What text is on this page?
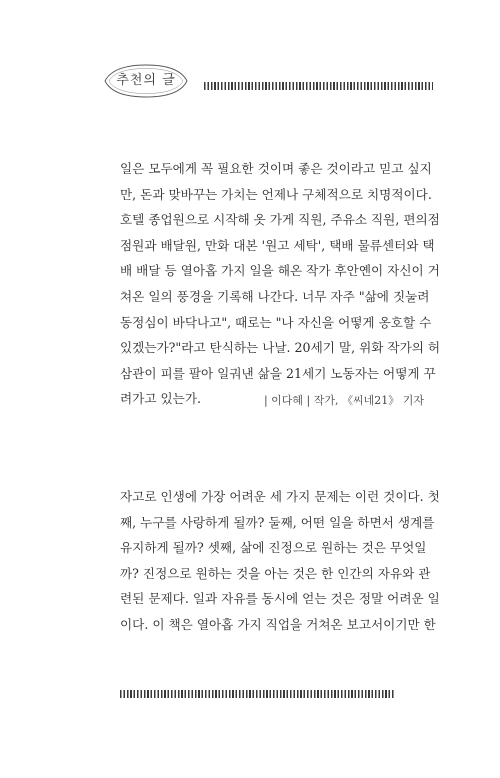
추천의 글
일은 모두에게 꼭 필요한 것이며 좋은 것이라고 믿고 싶지
만, 돈과 맞바꾸는 가치는 언제나 구체적으로 치명적이다.
호텔 종업원으로 시작해 옷 가게 직원, 주유소 직원, 편의점
점원과 배달원, 만화 대본 '원고 세탁', 택배 물류센터와 택
배 배달 등 열아홉 가지 일을 해온 작가 후안옌이 자신이 거
쳐온 일의 풍경을 기록해 나간다. 너무 자주 "삶에 짓눌려
동정심이 바닥나고", 때로는 "나 자신을 어떻게 옹호할 수
있겠는가?"라고 탄식하는 나날. 20세기 말, 위화 작가의 허
삼관이 피를 팔아 일궈낸 삶을 21세기 노동자는 어떻게 꾸
려가고 있는가.	| 이다혜 | 작가, 《씨네21》 기자
자고로 인생에 가장 어려운 세 가지 문제는 이런 것이다. 첫
째, 누구를 사랑하게 될까? 둘째, 어떤 일을 하면서 생계를
유지하게 될까? 셋째, 삶에 진정으로 원하는 것은 무엇일
까? 진정으로 원하는 것을 아는 것은 한 인간의 자유와 관
련된 문제다. 일과 자유를 동시에 얻는 것은 정말 어려운 일
이다. 이 책은 열아홉 가지 직업을 거쳐온 보고서이기만 한
